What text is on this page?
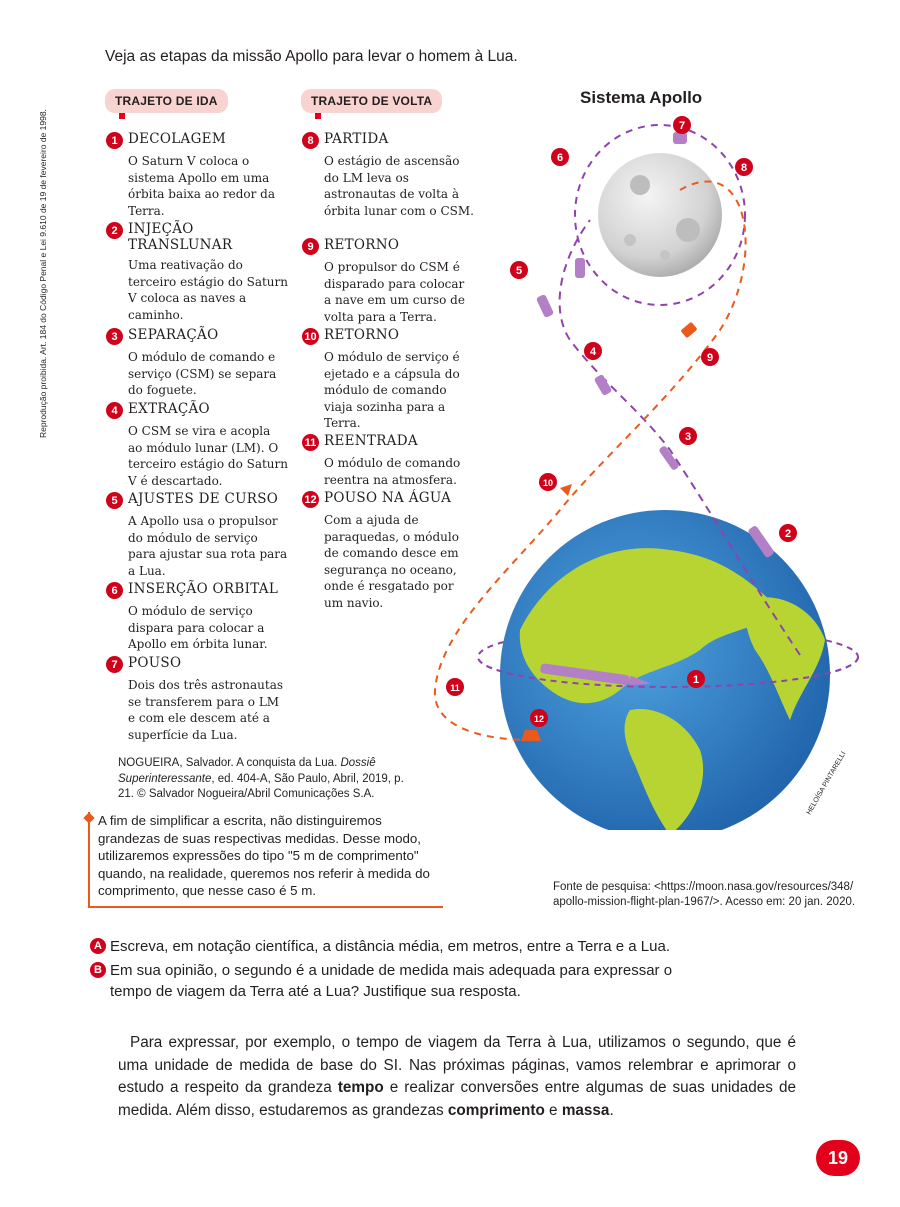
Veja as etapas da missão Apollo para levar o homem à Lua.
TRAJETO DE IDA	TRAJETO DE VOLTA
1 DECOLAGEM
O Saturn V coloca o sistema Apollo em uma órbita baixa ao redor da Terra.
2 INJEÇÃO TRANSLUNAR
Uma reativação do terceiro estágio do Saturn V coloca as naves a caminho.
3 SEPARAÇÃO
O módulo de comando e serviço (CSM) se separa do foguete.
4 EXTRAÇÃO
O CSM se vira e acopla ao módulo lunar (LM). O terceiro estágio do Saturn V é descartado.
5 AJUSTES DE CURSO
A Apollo usa o propulsor do módulo de serviço para ajustar sua rota para a Lua.
6 INSERÇÃO ORBITAL
O módulo de serviço dispara para colocar a Apollo em órbita lunar.
7 POUSO
Dois dos três astronautas se transferem para o LM e com ele descem até a superfície da Lua.
8 PARTIDA
O estágio de ascensão do LM leva os astronautas de volta à órbita lunar com o CSM.
9 RETORNO
O propulsor do CSM é disparado para colocar a nave em um curso de volta para a Terra.
10 RETORNO
O módulo de serviço é ejetado e a cápsula do módulo de comando viaja sozinha para a Terra.
11 REENTRADA
O módulo de comando reentra na atmosfera.
12 POUSO NA ÁGUA
Com a ajuda de paraquedas, o módulo de comando desce em segurança no oceano, onde é resgatado por um navio.
NOGUEIRA, Salvador. A conquista da Lua. Dossiê Superinteressante, ed. 404-A, São Paulo, Abril, 2019, p. 21. © Salvador Nogueira/Abril Comunicações S.A.
A fim de simplificar a escrita, não distinguiremos grandezas de suas respectivas medidas. Desse modo, utilizaremos expressões do tipo "5 m de comprimento" quando, na realidade, queremos nos referir à medida do comprimento, que nesse caso é 5 m.
Reprodução proibida. Art. 184 do Código Penal e Lei 9.610 de 19 de fevereiro de 1998.
Sistema Apollo
HELOÍSA PINTARELLI
1
2
3
4
5
6
7
8
9
10
11
12
Fonte de pesquisa: <https://moon.nasa.gov/resources/348/ apollo-mission-flight-plan-1967/>. Acesso em: 20 jan. 2020.
A Escreva, em notação científica, a distância média, em metros, entre a Terra e a Lua.
B Em sua opinião, o segundo é a unidade de medida mais adequada para expressar o tempo de viagem da Terra até a Lua? Justifique sua resposta.
Para expressar, por exemplo, o tempo de viagem da Terra à Lua, utilizamos o segundo, que é uma unidade de medida de base do SI. Nas próximas páginas, vamos relembrar e aprimorar o estudo a respeito da grandeza tempo e realizar conversões entre algumas de suas unidades de medida. Além disso, estudaremos as grandezas comprimento e massa.
19
